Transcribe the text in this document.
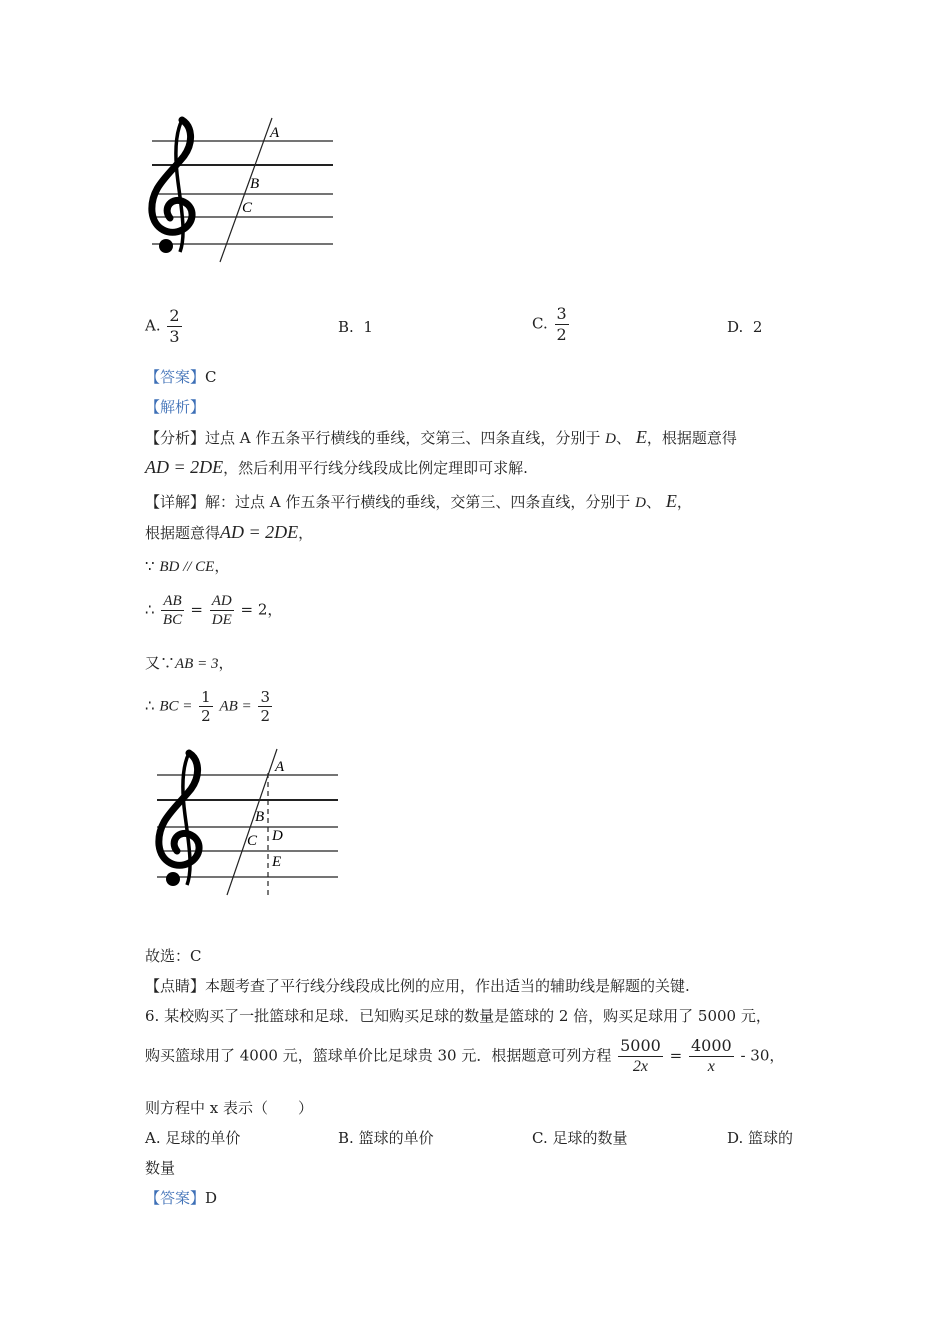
A
B
C
A. $\frac{2}{3}$	B. 1	C. $\frac{3}{2}$	D. 2
【答案】C
【解析】
【分析】过点 A 作五条平行横线的垂线，交第三、四条直线，分别于 D、 E，根据题意得
AD = 2DE，然后利用平行线分线段成比例定理即可求解.
【详解】解：过点 A 作五条平行横线的垂线，交第三、四条直线，分别于 D、 E，
根据题意得AD = 2DE，
∵ BD // CE，
∴ $\frac{AB}{BC} = \frac{AD}{DE} = 2$，
又∵AB = 3，
∴ BC = $\frac{1}{2}$ AB = $\frac{3}{2}$
A
B
C D
E
故选：C
【点睛】本题考查了平行线分线段成比例的应用，作出适当的辅助线是解题的关键.
6. 某校购买了一批篮球和足球．已知购买足球的数量是篮球的 2 倍，购买足球用了 5000 元，
购买篮球用了 4000 元，篮球单价比足球贵 30 元．根据题意可列方程 $\frac{5000}{2x} = \frac{4000}{x} - 30$，
则方程中 x 表示（　　）
A. 足球的单价	B. 篮球的单价	C. 足球的数量	D. 篮球的
数量
【答案】D
